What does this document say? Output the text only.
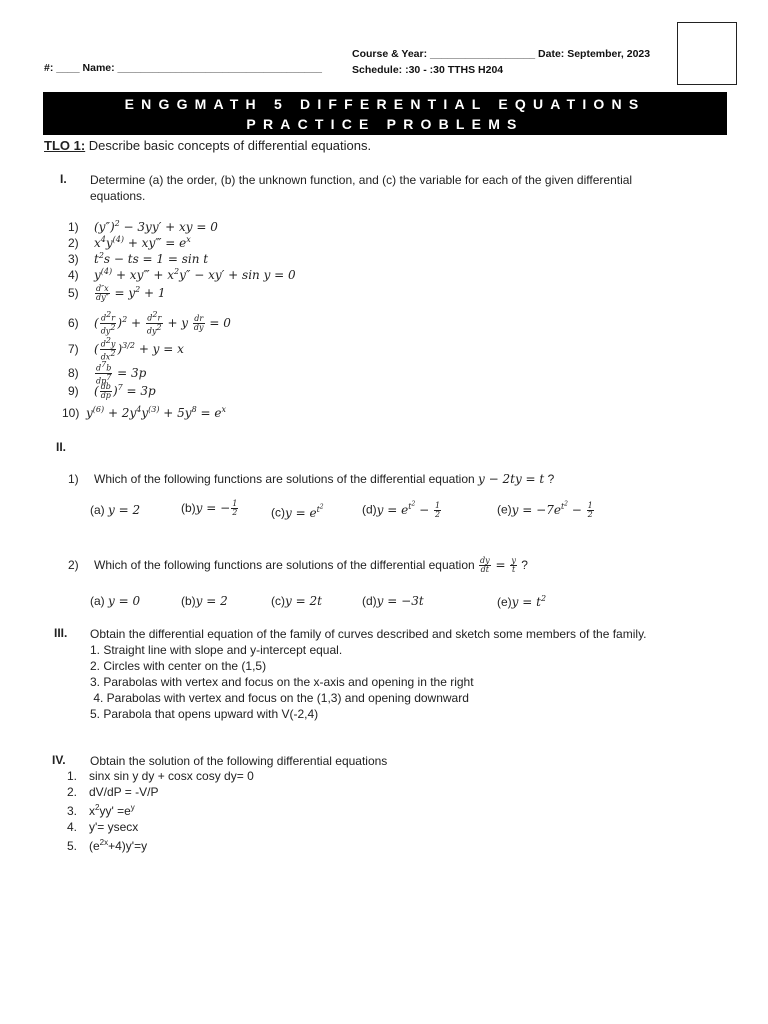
#: ____ Name: ___________________________________
Course & Year: __________________ Date: September, 2023
Schedule: :30 - :30 TTHS H204
ENGGMATH 5 DIFFERENTIAL EQUATIONS
PRACTICE PROBLEMS
TLO 1: Describe basic concepts of differential equations.
I. Determine (a) the order, (b) the unknown function, and (c) the variable for each of the given differential equations.
1) $(y'')^2 - 3yy'$ + xy = 0
2) $x^4y^{(4)}$ + xy‴ = $e^x$
3) $t^2s$ − ts = 1 = sin t
4) $y^{(4)}$ + xy‴ + $x^2y'' - xy' + \sin y = 0$
$5) \frac{d''x}{dy''} = y^2 + 1$
6) ( $\frac{d^2r}{dy^2} )^2 + \frac{d^2r}{dy^2} + y \frac{dr}{dy} = 0$
7) ( $\frac{d^2y}{dx^2} )^{3/2} + y = x$
$8) \frac{d^7b}{dp^7} = 3p$
9) ( $\frac{db}{dp} )^7 = 3p$
10) $y^{(6)} + 2y^4y^{(3)} + 5y^8 = e^x$
II.
1) Which of the following functions are solutions of the differential equation y − 2ty = t ?
(a) y = 2	(b)y = − $\frac{1}{2}$	$(c)y = e^{t^2}$	$(d)y = e^{t^2} - \frac{1}{2}$	$(e)y = -7e^{t^2} - \frac{1}{2}$
2) Which of the following functions are solutions of the differential equation $\frac{dy}{dt} = \frac{y}{t}$ ?
(a) y = 0	(b)y = 2	(c)y = 2t	(d)y = −3t	$(e)y = t^2$
III. Obtain the differential equation of the family of curves described and sketch some members of the family.
1. Straight line with slope and y-intercept equal.
2. Circles with center on the (1,5)
3. Parabolas with vertex and focus on the x-axis and opening in the right
4. Parabolas with vertex and focus on the (1,3) and opening downward
5. Parabola that opens upward with V(-2,4)
IV. Obtain the solution of the following differential equations
1. sinx sin y dy + cosx cosy dy= 0
2. dV/dP = -V/P
3. $x^2yy' =e^y$
4. y'= ysecx
5. $(e^{2x}+4)y'=y$
